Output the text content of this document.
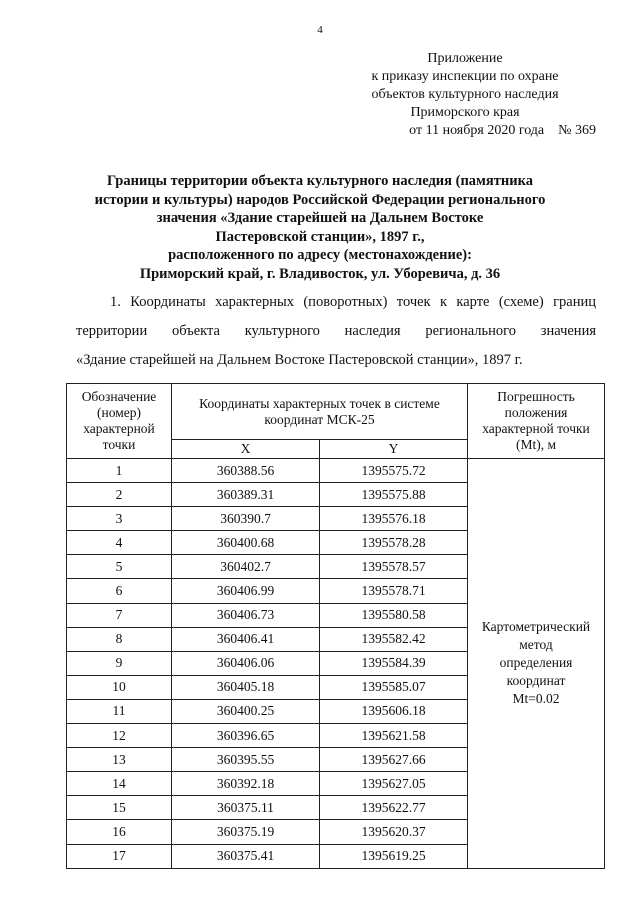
4
Приложение
к приказу инспекции по охране
объектов культурного наследия
Приморского края
от 11 ноября 2020 года № 369
Границы территории объекта культурного наследия (памятника
истории и культуры) народов Российской Федерации регионального
значения «Здание старейшей на Дальнем Востоке
Пастеровской станции», 1897 г.,
расположенного по адресу (местонахождение):
Приморский край, г. Владивосток, ул. Уборевича, д. 36
1. Координаты характерных (поворотных) точек к карте (схеме) границ
территории объекта культурного наследия регионального значения
«Здание старейшей на Дальнем Востоке Пастеровской станции», 1897 г.
Обозначение (номер) характерной точки	Координаты характерных точек в системе координат МСК-25		Погрешность положения характерной точки (Mt), м
	X	Y	
1	360388.56	1395575.72	Картометрический
метод
определения
координат
Mt=0.02

2	360389.31	1395575.88	
3	360390.7	1395576.18	
4	360400.68	1395578.28	
5	360402.7	1395578.57	
6	360406.99	1395578.71	
7	360406.73	1395580.58	
8	360406.41	1395582.42	
9	360406.06	1395584.39	
10	360405.18	1395585.07	
11	360400.25	1395606.18	
12	360396.65	1395621.58	
13	360395.55	1395627.66	
14	360392.18	1395627.05	
15	360375.11	1395622.77	
16	360375.19	1395620.37	
17	360375.41	1395619.25	
